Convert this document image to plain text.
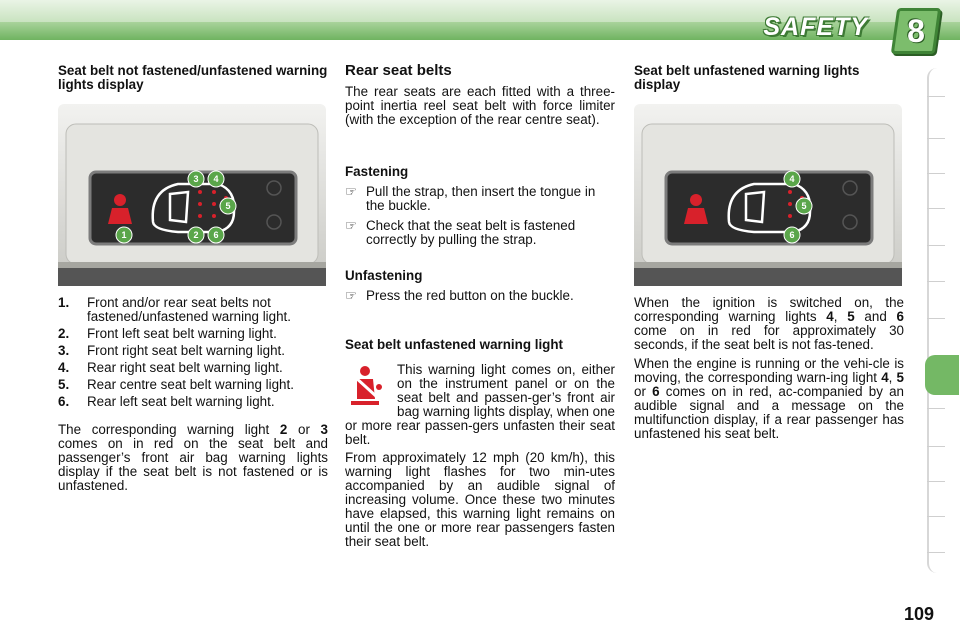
SAFETY	8
Seat belt not fastened/unfastened warning lights display
1	2
3 4
5
6
1. Front and/or rear seat belts not fastened/unfastened warning light.
2. Front left seat belt warning light.
3. Front right seat belt warning light.
4. Rear right seat belt warning light.
5. Rear centre seat belt warning light.
6. Rear left seat belt warning light.

The corresponding warning light 2 or 3 comes on in red on the seat belt and passenger’s front air bag warning lights display if the seat belt is not fastened or is unfastened.

Rear seat belts

The rear seats are each fitted with a three-point inertia reel seat belt with force limiter (with the exception of the rear centre seat).

Fastening
☞ Pull the strap, then insert the tongue in the buckle.
☞ Check that the seat belt is fastened correctly by pulling the strap.
Unfastening
☞ Press the red button on the buckle.
Seat belt unfastened warning light

This warning light comes on, either on the instrument panel or on the seat belt and passen-ger’s front air bag warning lights display, when one or more rear passen-gers unfasten their seat belt.

From approximately 12 mph (20 km/h), this warning light flashes for two min-utes accompanied by an audible signal of increasing volume. Once these two minutes have elapsed, this warning light remains on until the one or more rear passengers fasten their seat belt.

Seat belt unfastened warning lights display
4
5
6

When the ignition is switched on, the corresponding warning lights 4, 5 and 6 come on in red for approximately 30 seconds, if the seat belt is not fas-tened.

When the engine is running or the vehi-cle is moving, the corresponding warn-ing light 4, 5 or 6 comes on in red, ac-companied by an audible signal and a message on the multifunction display, if a rear passenger has unfastened his seat belt.

109
